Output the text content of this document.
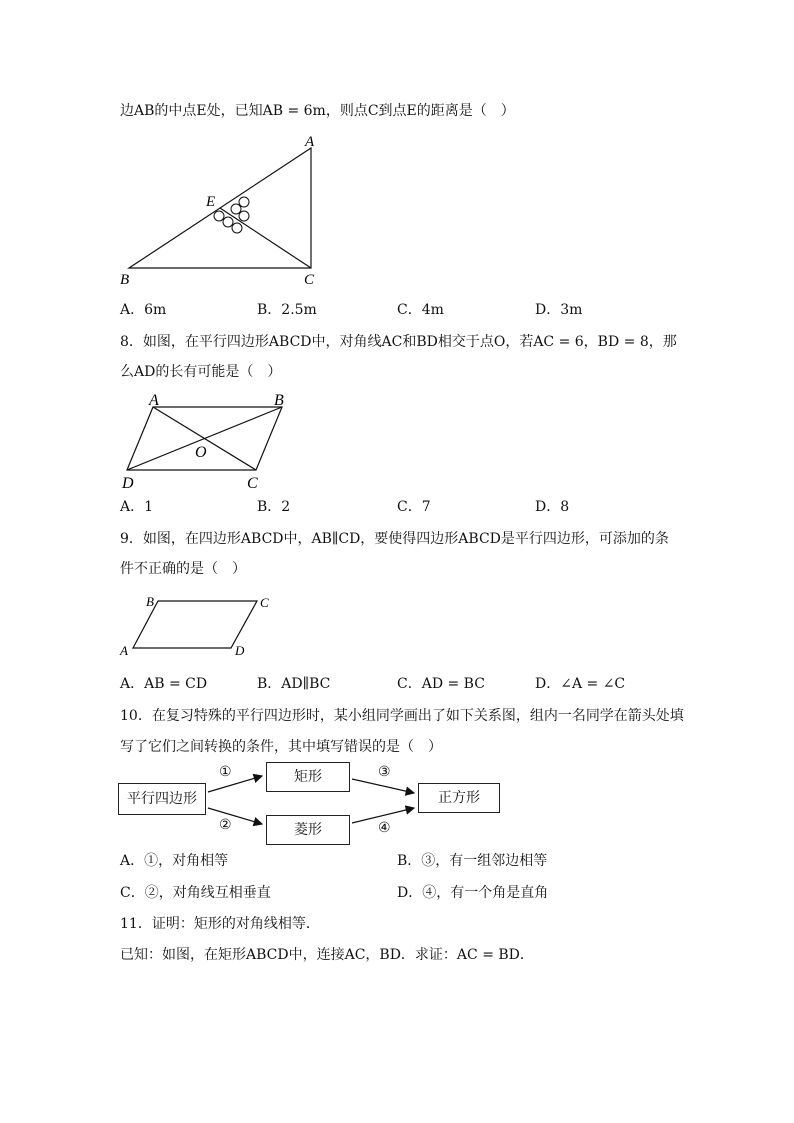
边AB的中点E处，已知AB = 6m，则点C到点E的距离是（　）
A
E
B	C
A．6m	B．2.5m	C．4m	D．3m
8．如图，在平行四边形ABCD中，对角线AC和BD相交于点O，若AC = 6，BD = 8，那
么AD的长有可能是（　）
A	B
O
D	C
A．1	B．2	C．7	D．8
9．如图，在四边形ABCD中，AB∥CD，要使得四边形ABCD是平行四边形，可添加的条
件不正确的是（　）
B	C
A	D
A．AB = CD	B．AD∥BC	C．AD = BC	D．∠A = ∠C
10．在复习特殊的平行四边形时，某小组同学画出了如下关系图，组内一名同学在箭头处填
写了它们之间转换的条件，其中填写错误的是（　）
平行四边形
矩形
菱形
正方形
①
②
③
④
A．①，对角相等	B．③，有一组邻边相等
C．②，对角线互相垂直	D．④，有一个角是直角
11．证明：矩形的对角线相等．
已知：如图，在矩形ABCD中，连接AC，BD．求证：AC = BD．
